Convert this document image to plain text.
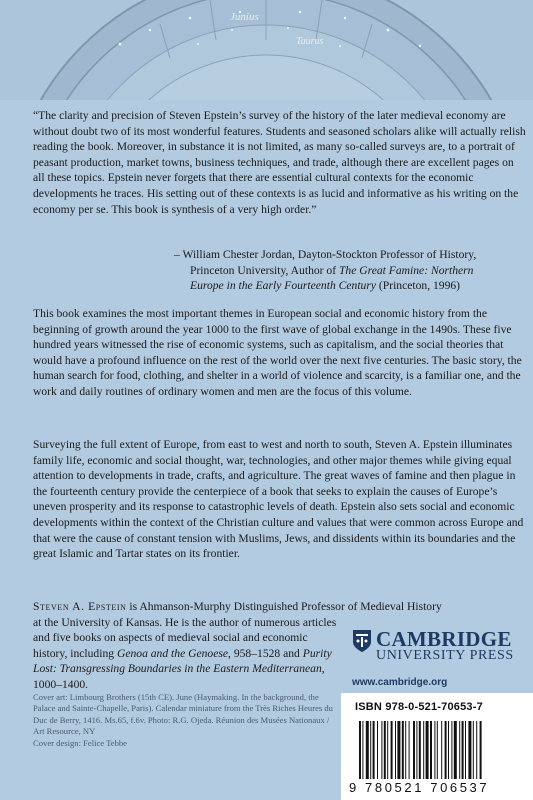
Junius
Taurus
“The clarity and precision of Steven Epstein’s survey of the history of the later medieval economy are without doubt two of its most wonderful features. Students and seasoned scholars alike will actually relish reading the book. Moreover, in substance it is not limited, as many so-called surveys are, to a portrait of peasant production, market towns, business techniques, and trade, although there are excellent pages on all these topics. Epstein never forgets that there are essential cultural contexts for the economic developments he traces. His setting out of these contexts is as lucid and informative as his writing on the economy per se. This book is synthesis of a very high order.”
– William Chester Jordan, Dayton-Stockton Professor of History,
Princeton University, Author of The Great Famine: Northern
Europe in the Early Fourteenth Century (Princeton, 1996)
This book examines the most important themes in European social and economic history from the beginning of growth around the year 1000 to the first wave of global exchange in the 1490s. These five hundred years witnessed the rise of economic systems, such as capitalism, and the social theories that would have a profound influence on the rest of the world over the next five centuries. The basic story, the human search for food, clothing, and shelter in a world of violence and scarcity, is a familiar one, and the work and daily routines of ordinary women and men are the focus of this volume.
Surveying the full extent of Europe, from east to west and north to south, Steven A. Epstein illuminates family life, economic and social thought, war, technologies, and other major themes while giving equal attention to developments in trade, crafts, and agriculture. The great waves of famine and then plague in the fourteenth century provide the centerpiece of a book that seeks to explain the causes of Europe’s uneven prosperity and its response to catastrophic levels of death. Epstein also sets social and economic developments within the context of the Christian culture and values that were common across Europe and that were the cause of constant tension with Muslims, Jews, and dissidents within its boundaries and the great Islamic and Tartar states on its frontier.
Steven A. Epstein is Ahmanson-Murphy Distinguished Professor of Medieval History
at the University of Kansas. He is the author of numerous articles and five books on aspects of medieval social and economic history, including Genoa and the Genoese, 958–1528 and Purity Lost: Transgressing Boundaries in the Eastern Mediterranean, 1000–1400.
Cover art: Limbourg Brothers (15th CE). June (Haymaking. In the background, the Palace and Sainte-Chapelle, Paris). Calendar miniature from the Très Riches Heures du Duc de Berry, 1416. Ms.65, f.6v. Photo: R.G. Ojeda. Réunion des Musées Nationaux / Art Resource, NY
Cover design: Felice Tebbe
CAMBRIDGE
UNIVERSITY PRESS
www.cambridge.org
ISBN 978-0-521-70653-7
9 780521 706537
